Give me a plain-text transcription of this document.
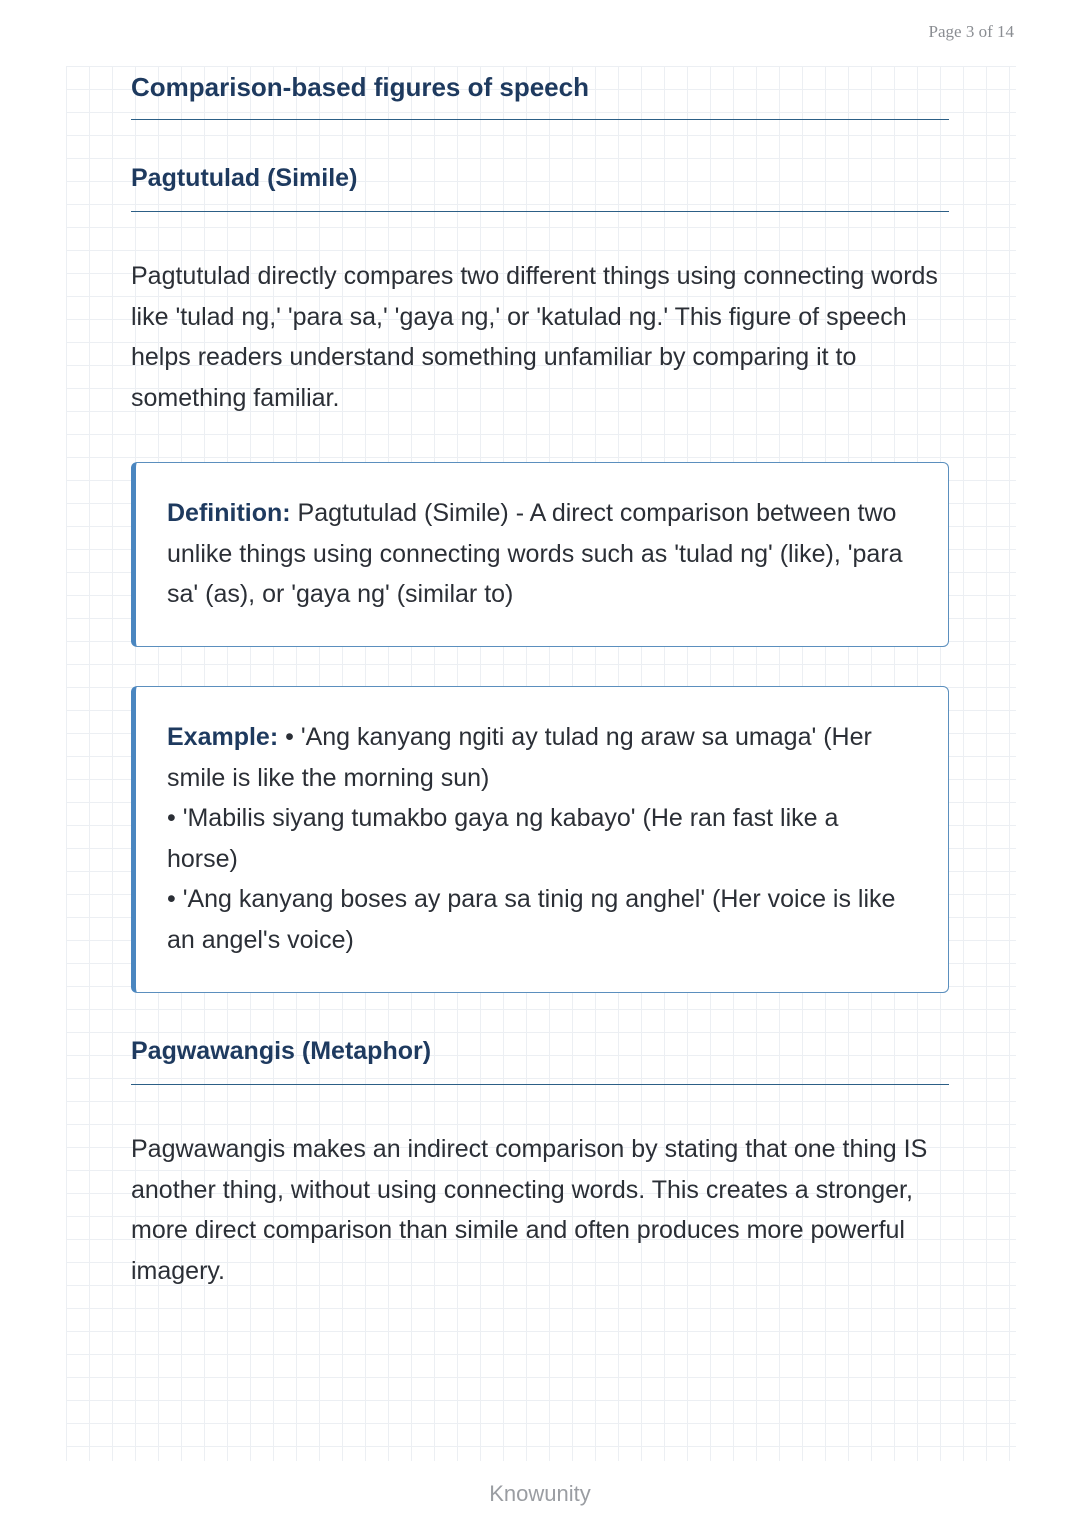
Page 3 of 14
Comparison-based figures of speech
Pagtutulad (Simile)

Pagtutulad directly compares two different things using connecting words like 'tulad ng,' 'para sa,' 'gaya ng,' or 'katulad ng.' This figure of speech helps readers understand something unfamiliar by comparing it to something familiar.

Definition: Pagtutulad (Simile) - A direct comparison between two unlike things using connecting words such as 'tulad ng' (like), 'para sa' (as), or 'gaya ng' (similar to)
Example: • 'Ang kanyang ngiti ay tulad ng araw sa umaga' (Her smile is like the morning sun)
• 'Mabilis siyang tumakbo gaya ng kabayo' (He ran fast like a horse)
• 'Ang kanyang boses ay para sa tinig ng anghel' (Her voice is like an angel's voice)
Pagwawangis (Metaphor)

Pagwawangis makes an indirect comparison by stating that one thing IS another thing, without using connecting words. This creates a stronger, more direct comparison than simile and often produces more powerful imagery.

Knowunity
